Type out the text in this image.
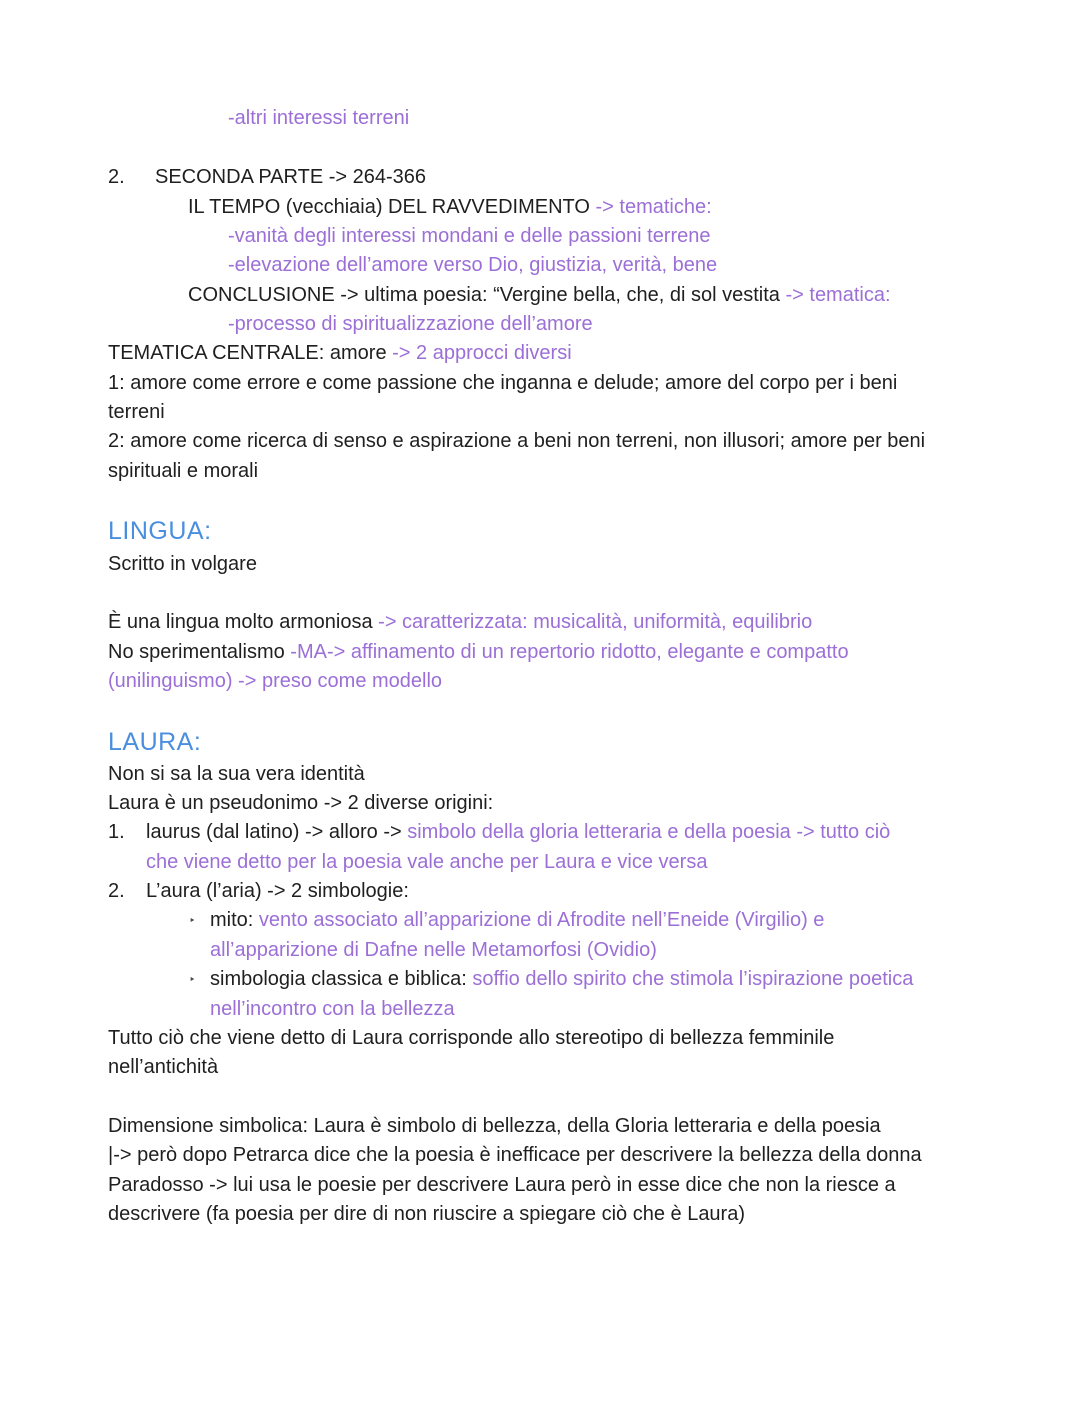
-altri interessi terreni
2. SECONDA PARTE -> 264-366
IL TEMPO (vecchiaia) DEL RAVVEDIMENTO -> tematiche:
-vanità degli interessi mondani e delle passioni terrene
-elevazione dell’amore verso Dio, giustizia, verità, bene
CONCLUSIONE -> ultima poesia: “Vergine bella, che, di sol vestita -> tematica:
-processo di spiritualizzazione dell’amore
TEMATICA CENTRALE: amore -> 2 approcci diversi
1: amore come errore e come passione che inganna e delude; amore del corpo per i beni
terreni
2: amore come ricerca di senso e aspirazione a beni non terreni, non illusori; amore per beni
spirituali e morali
LINGUA:
Scritto in volgare
È una lingua molto armoniosa -> caratterizzata: musicalità, uniformità, equilibrio
No sperimentalismo -MA-> affinamento di un repertorio ridotto, elegante e compatto
(unilinguismo) -> preso come modello
LAURA:
Non si sa la sua vera identità
Laura è un pseudonimo -> 2 diverse origini:
1. laurus (dal latino) -> alloro -> simbolo della gloria letteraria e della poesia -> tutto ciò
che viene detto per la poesia vale anche per Laura e vice versa
2. L’aura (l’aria) -> 2 simbologie:
‣ mito: vento associato all’apparizione di Afrodite nell’Eneide (Virgilio) e
all’apparizione di Dafne nelle Metamorfosi (Ovidio)
‣ simbologia classica e biblica: soffio dello spirito che stimola l’ispirazione poetica
nell’incontro con la bellezza
Tutto ciò che viene detto di Laura corrisponde allo stereotipo di bellezza femminile
nell’antichità
Dimensione simbolica: Laura è simbolo di bellezza, della Gloria letteraria e della poesia
|-> però dopo Petrarca dice che la poesia è inefficace per descrivere la bellezza della donna
Paradosso -> lui usa le poesie per descrivere Laura però in esse dice che non la riesce a
descrivere (fa poesia per dire di non riuscire a spiegare ciò che è Laura)
